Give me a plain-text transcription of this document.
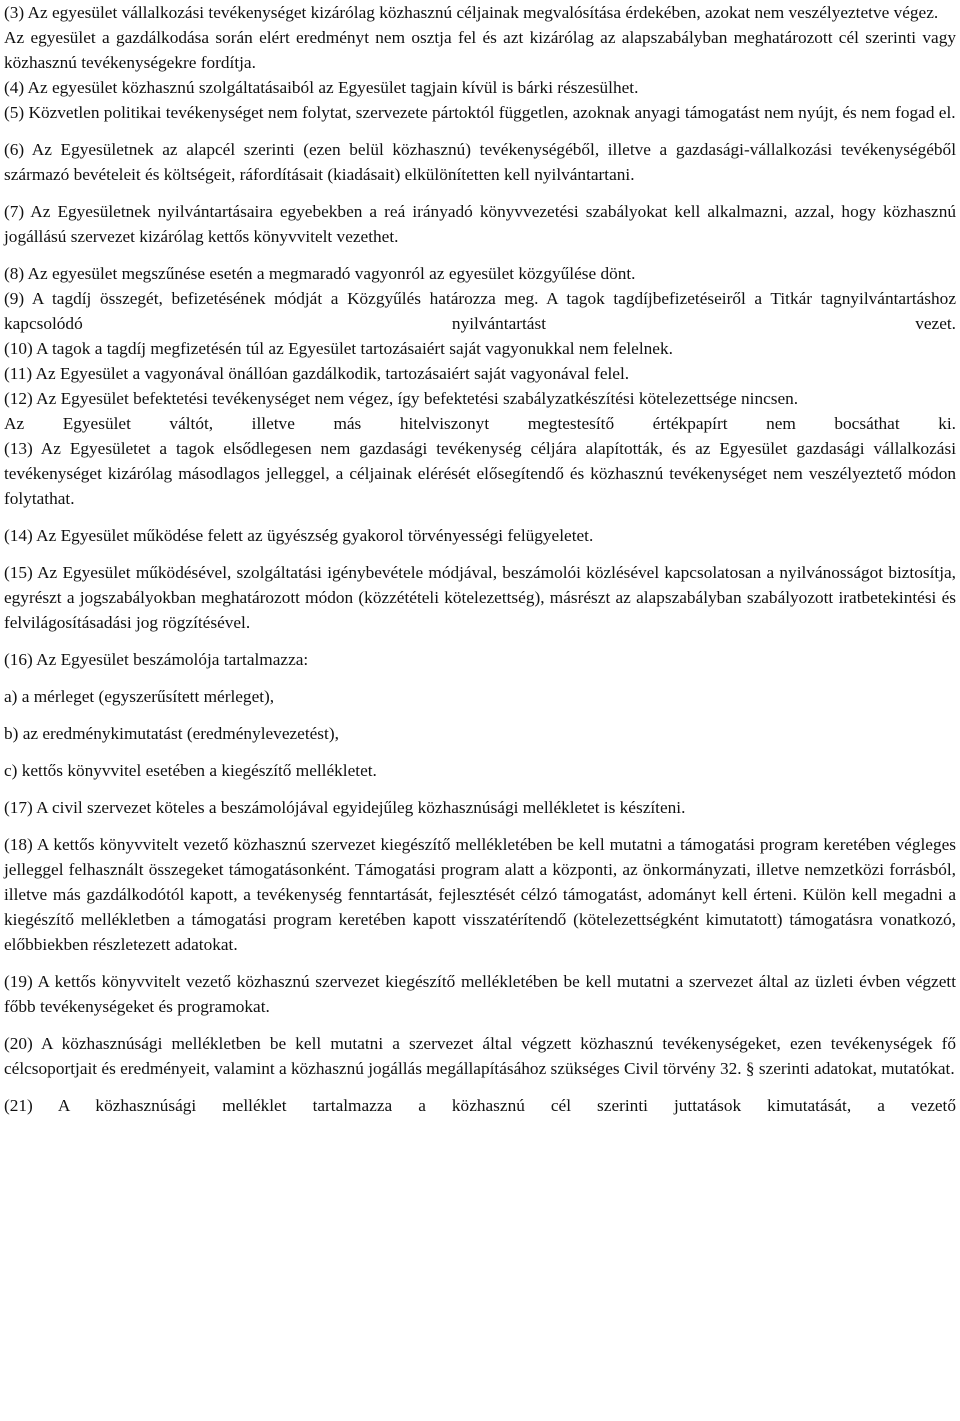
(3) Az egyesület vállalkozási tevékenységet kizárólag közhasznú céljainak megvalósítása érdekében, azokat nem veszélyeztetve végez.

Az egyesület a gazdálkodása során elért eredményt nem osztja fel és azt kizárólag az alapszabályban meghatározott cél szerinti vagy közhasznú tevékenységekre fordítja.

(4) Az egyesület közhasznú szolgáltatásaiból az Egyesület tagjain kívül is bárki részesülhet.

(5) Közvetlen politikai tevékenységet nem folytat, szervezete pártoktól független, azoknak anyagi támogatást nem nyújt, és nem fogad el.

(6) Az Egyesületnek az alapcél szerinti (ezen belül közhasznú) tevékenységéből, illetve a gazdasági-vállalkozási tevékenységéből származó bevételeit és költségeit, ráfordításait (kiadásait) elkülönítetten kell nyilvántartani.

(7) Az Egyesületnek nyilvántartásaira egyebekben a reá irányadó könyvvezetési szabályokat kell alkalmazni, azzal, hogy közhasznú jogállású szervezet kizárólag kettős könyvvitelt vezethet.

(8) Az egyesület megszűnése esetén a megmaradó vagyonról az egyesület közgyűlése dönt.

(9) A tagdíj összegét, befizetésének módját a Közgyűlés határozza meg. A tagok tagdíjbefizetéseiről a Titkár tagnyilvántartáshoz kapcsolódó nyilvántartást vezet.

(10) A tagok a tagdíj megfizetésén túl az Egyesület tartozásaiért saját vagyonukkal nem felelnek.

(11) Az Egyesület a vagyonával önállóan gazdálkodik, tartozásaiért saját vagyonával felel.

(12) Az Egyesület befektetési tevékenységet nem végez, így befektetési szabályzatkészítési kötelezettsége nincsen.

Az Egyesület váltót, illetve más hitelviszonyt megtestesítő értékpapírt nem bocsáthat ki.

(13) Az Egyesületet a tagok elsődlegesen nem gazdasági tevékenység céljára alapították, és az Egyesület gazdasági vállalkozási tevékenységet kizárólag másodlagos jelleggel, a céljainak elérését elősegítendő és közhasznú tevékenységet nem veszélyeztető módon folytathat.

(14) Az Egyesület működése felett az ügyészség gyakorol törvényességi felügyeletet.

(15) Az Egyesület működésével, szolgáltatási igénybevétele módjával, beszámolói közlésével kapcsolatosan a nyilvánosságot biztosítja, egyrészt a jogszabályokban meghatározott módon (közzétételi kötelezettség), másrészt az alapszabályban szabályozott iratbetekintési és felvilágosításadási jog rögzítésével.

(16) Az Egyesület beszámolója tartalmazza:

a) a mérleget (egyszerűsített mérleget),

b) az eredménykimutatást (eredménylevezetést),

c) kettős könyvvitel esetében a kiegészítő mellékletet.

(17) A civil szervezet köteles a beszámolójával egyidejűleg közhasznúsági mellékletet is készíteni.

(18) A kettős könyvvitelt vezető közhasznú szervezet kiegészítő mellékletében be kell mutatni a támogatási program keretében végleges jelleggel felhasznált összegeket támogatásonként. Támogatási program alatt a központi, az önkormányzati, illetve nemzetközi forrásból, illetve más gazdálkodótól kapott, a tevékenység fenntartását, fejlesztését célzó támogatást, adományt kell érteni. Külön kell megadni a kiegészítő mellékletben a támogatási program keretében kapott visszatérítendő (kötelezettségként kimutatott) támogatásra vonatkozó, előbbiekben részletezett adatokat.

(19) A kettős könyvvitelt vezető közhasznú szervezet kiegészítő mellékletében be kell mutatni a szervezet által az üzleti évben végzett főbb tevékenységeket és programokat.

(20) A közhasznúsági mellékletben be kell mutatni a szervezet által végzett közhasznú tevékenységeket, ezen tevékenységek fő célcsoportjait és eredményeit, valamint a közhasznú jogállás megállapításához szükséges Civil törvény 32. § szerinti adatokat, mutatókat.

(21) A közhasznúsági melléklet tartalmazza a közhasznú cél szerinti juttatások kimutatását, a vezető
